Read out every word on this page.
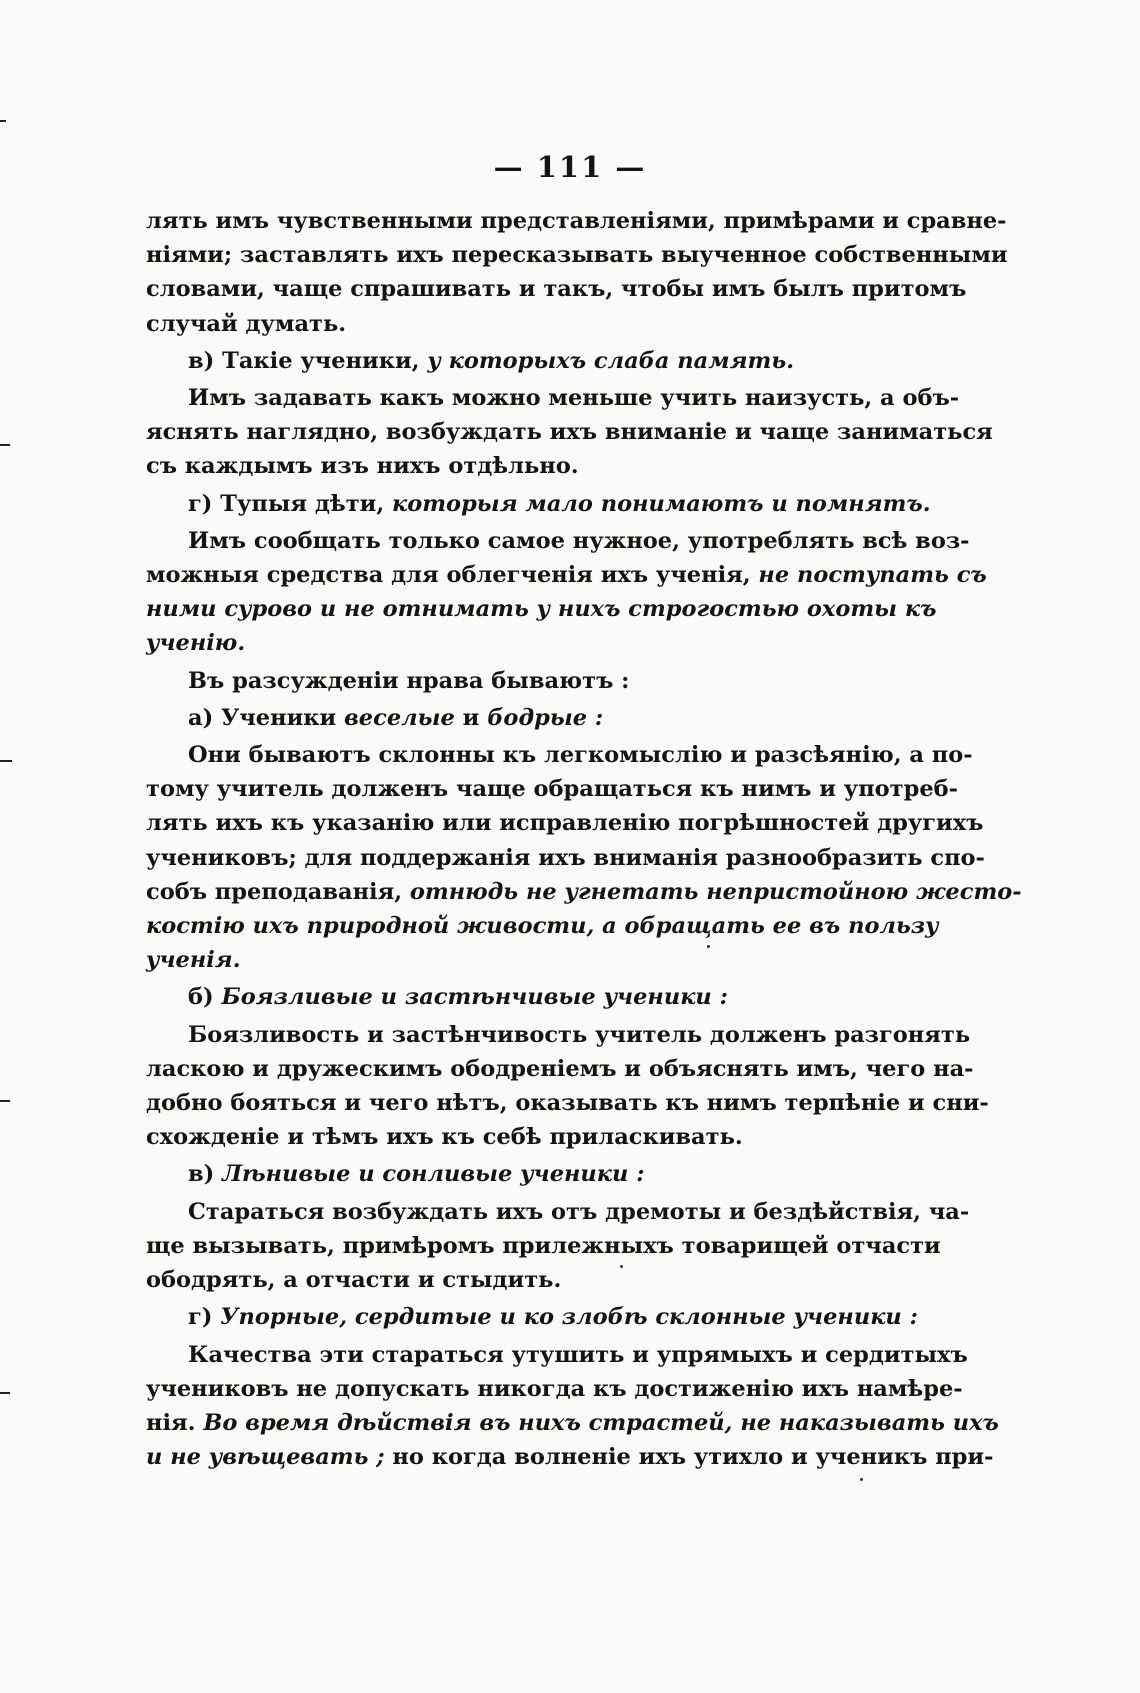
— 111 —
лять имъ чувственными представленіями, примѣрами и сравне-
ніями; заставлять ихъ пересказывать выученное собственными
словами, чаще спрашивать и такъ, чтобы имъ былъ притомъ
случай думать.
в) Такіе ученики, у которыхъ слаба память.
Имъ задавать какъ можно меньше учить наизусть, а объ-
яснять наглядно, возбуждать ихъ вниманіе и чаще заниматься
съ каждымъ изъ нихъ отдѣльно.
г) Тупыя дѣти, которыя мало понимаютъ и помнятъ.
Имъ сообщать только самое нужное, употреблять всѣ воз-
можныя средства для облегченія ихъ ученія, не поступать съ
ними сурово и не отнимать у нихъ строгостью охоты къ
ученію.
Въ разсужденіи нрава бываютъ :
а) Ученики веселые и бодрые :
Они бываютъ склонны къ легкомыслію и разсѣянію, а по-
тому учитель долженъ чаще обращаться къ нимъ и употреб-
лять ихъ къ указанію или исправленію погрѣшностей другихъ
учениковъ; для поддержанія ихъ вниманія разнообразить спо-
собъ преподаванія, отнюдь не угнетать непристойною жесто-
костію ихъ природной живости, а обращать ее въ пользу
ученія.
б) Боязливые и застѣнчивые ученики :
Боязливость и застѣнчивость учитель долженъ разгонять
ласкою и дружескимъ ободреніемъ и объяснять имъ, чего на-
добно бояться и чего нѣтъ, оказывать къ нимъ терпѣніе и сни-
схожденіе и тѣмъ ихъ къ себѣ приласкивать.
в) Лѣнивые и сонливые ученики :
Стараться возбуждать ихъ отъ дремоты и бездѣйствія, ча-
ще вызывать, примѣромъ прилежныхъ товарищей отчасти
ободрять, а отчасти и стыдить.
г) Упорные, сердитые и ко злобѣ склонные ученики :
Качества эти стараться утушить и упрямыхъ и сердитыхъ
учениковъ не допускать никогда къ достиженію ихъ намѣре-
нія. Во время дѣйствія въ нихъ страстей, не наказывать ихъ
и не увѣщевать ; но когда волненіе ихъ утихло и ученикъ при-
